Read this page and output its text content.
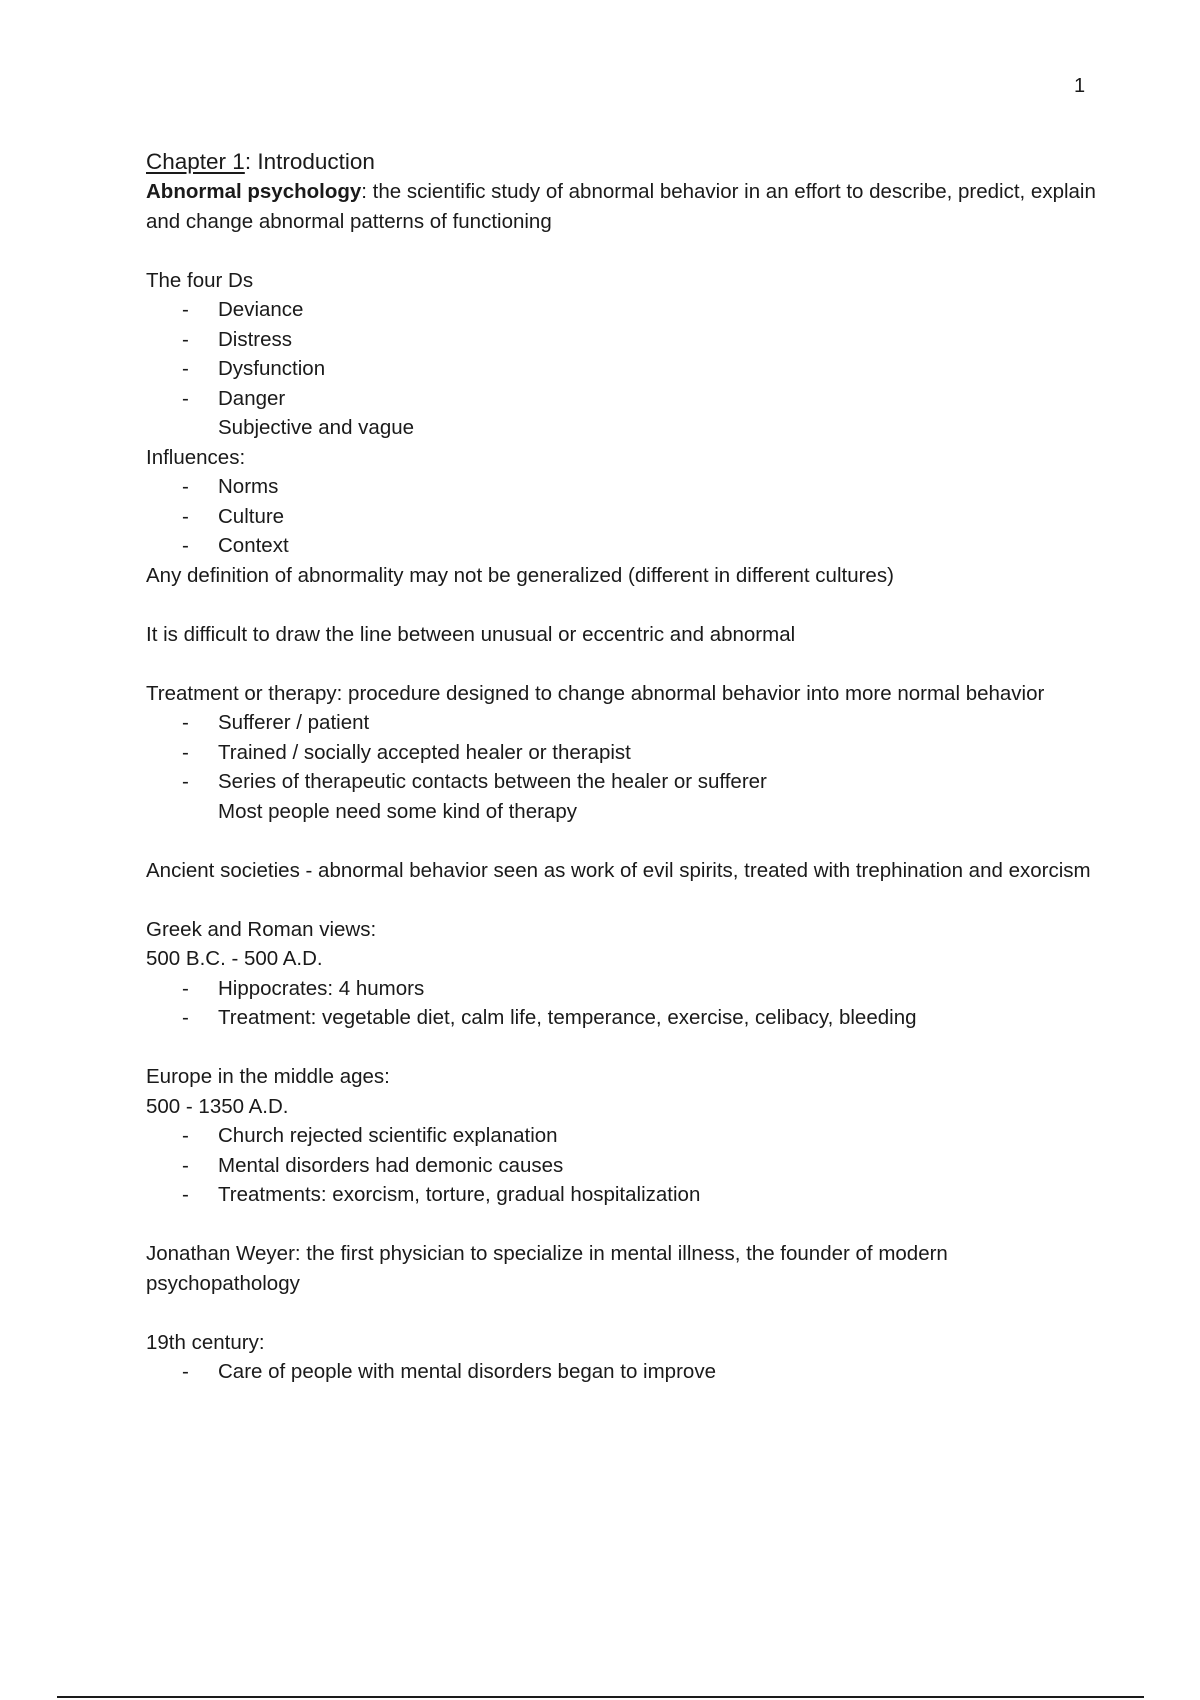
1

Chapter 1: Introduction

Abnormal psychology: the scientific study of abnormal behavior in an effort to describe, predict, explain and change abnormal patterns of functioning

The four Ds

- Deviance
- Distress
- Dysfunction
- Danger

Subjective and vague

Influences:

- Norms
- Culture
- Context

Any definition of abnormality may not be generalized (different in different cultures)

It is difficult to draw the line between unusual or eccentric and abnormal

Treatment or therapy: procedure designed to change abnormal behavior into more normal behavior

- Sufferer / patient
- Trained / socially accepted healer or therapist
- Series of therapeutic contacts between the healer or sufferer

Most people need some kind of therapy

Ancient societies - abnormal behavior seen as work of evil spirits, treated with trephination and exorcism

Greek and Roman views:

500 B.C. - 500 A.D.

- Hippocrates: 4 humors
- Treatment: vegetable diet, calm life, temperance, exercise, celibacy, bleeding

Europe in the middle ages:

500 - 1350 A.D.

- Church rejected scientific explanation
- Mental disorders had demonic causes
- Treatments: exorcism, torture, gradual hospitalization

Jonathan Weyer: the first physician to specialize in mental illness, the founder of modern psychopathology

19th century:

- Care of people with mental disorders began to improve
